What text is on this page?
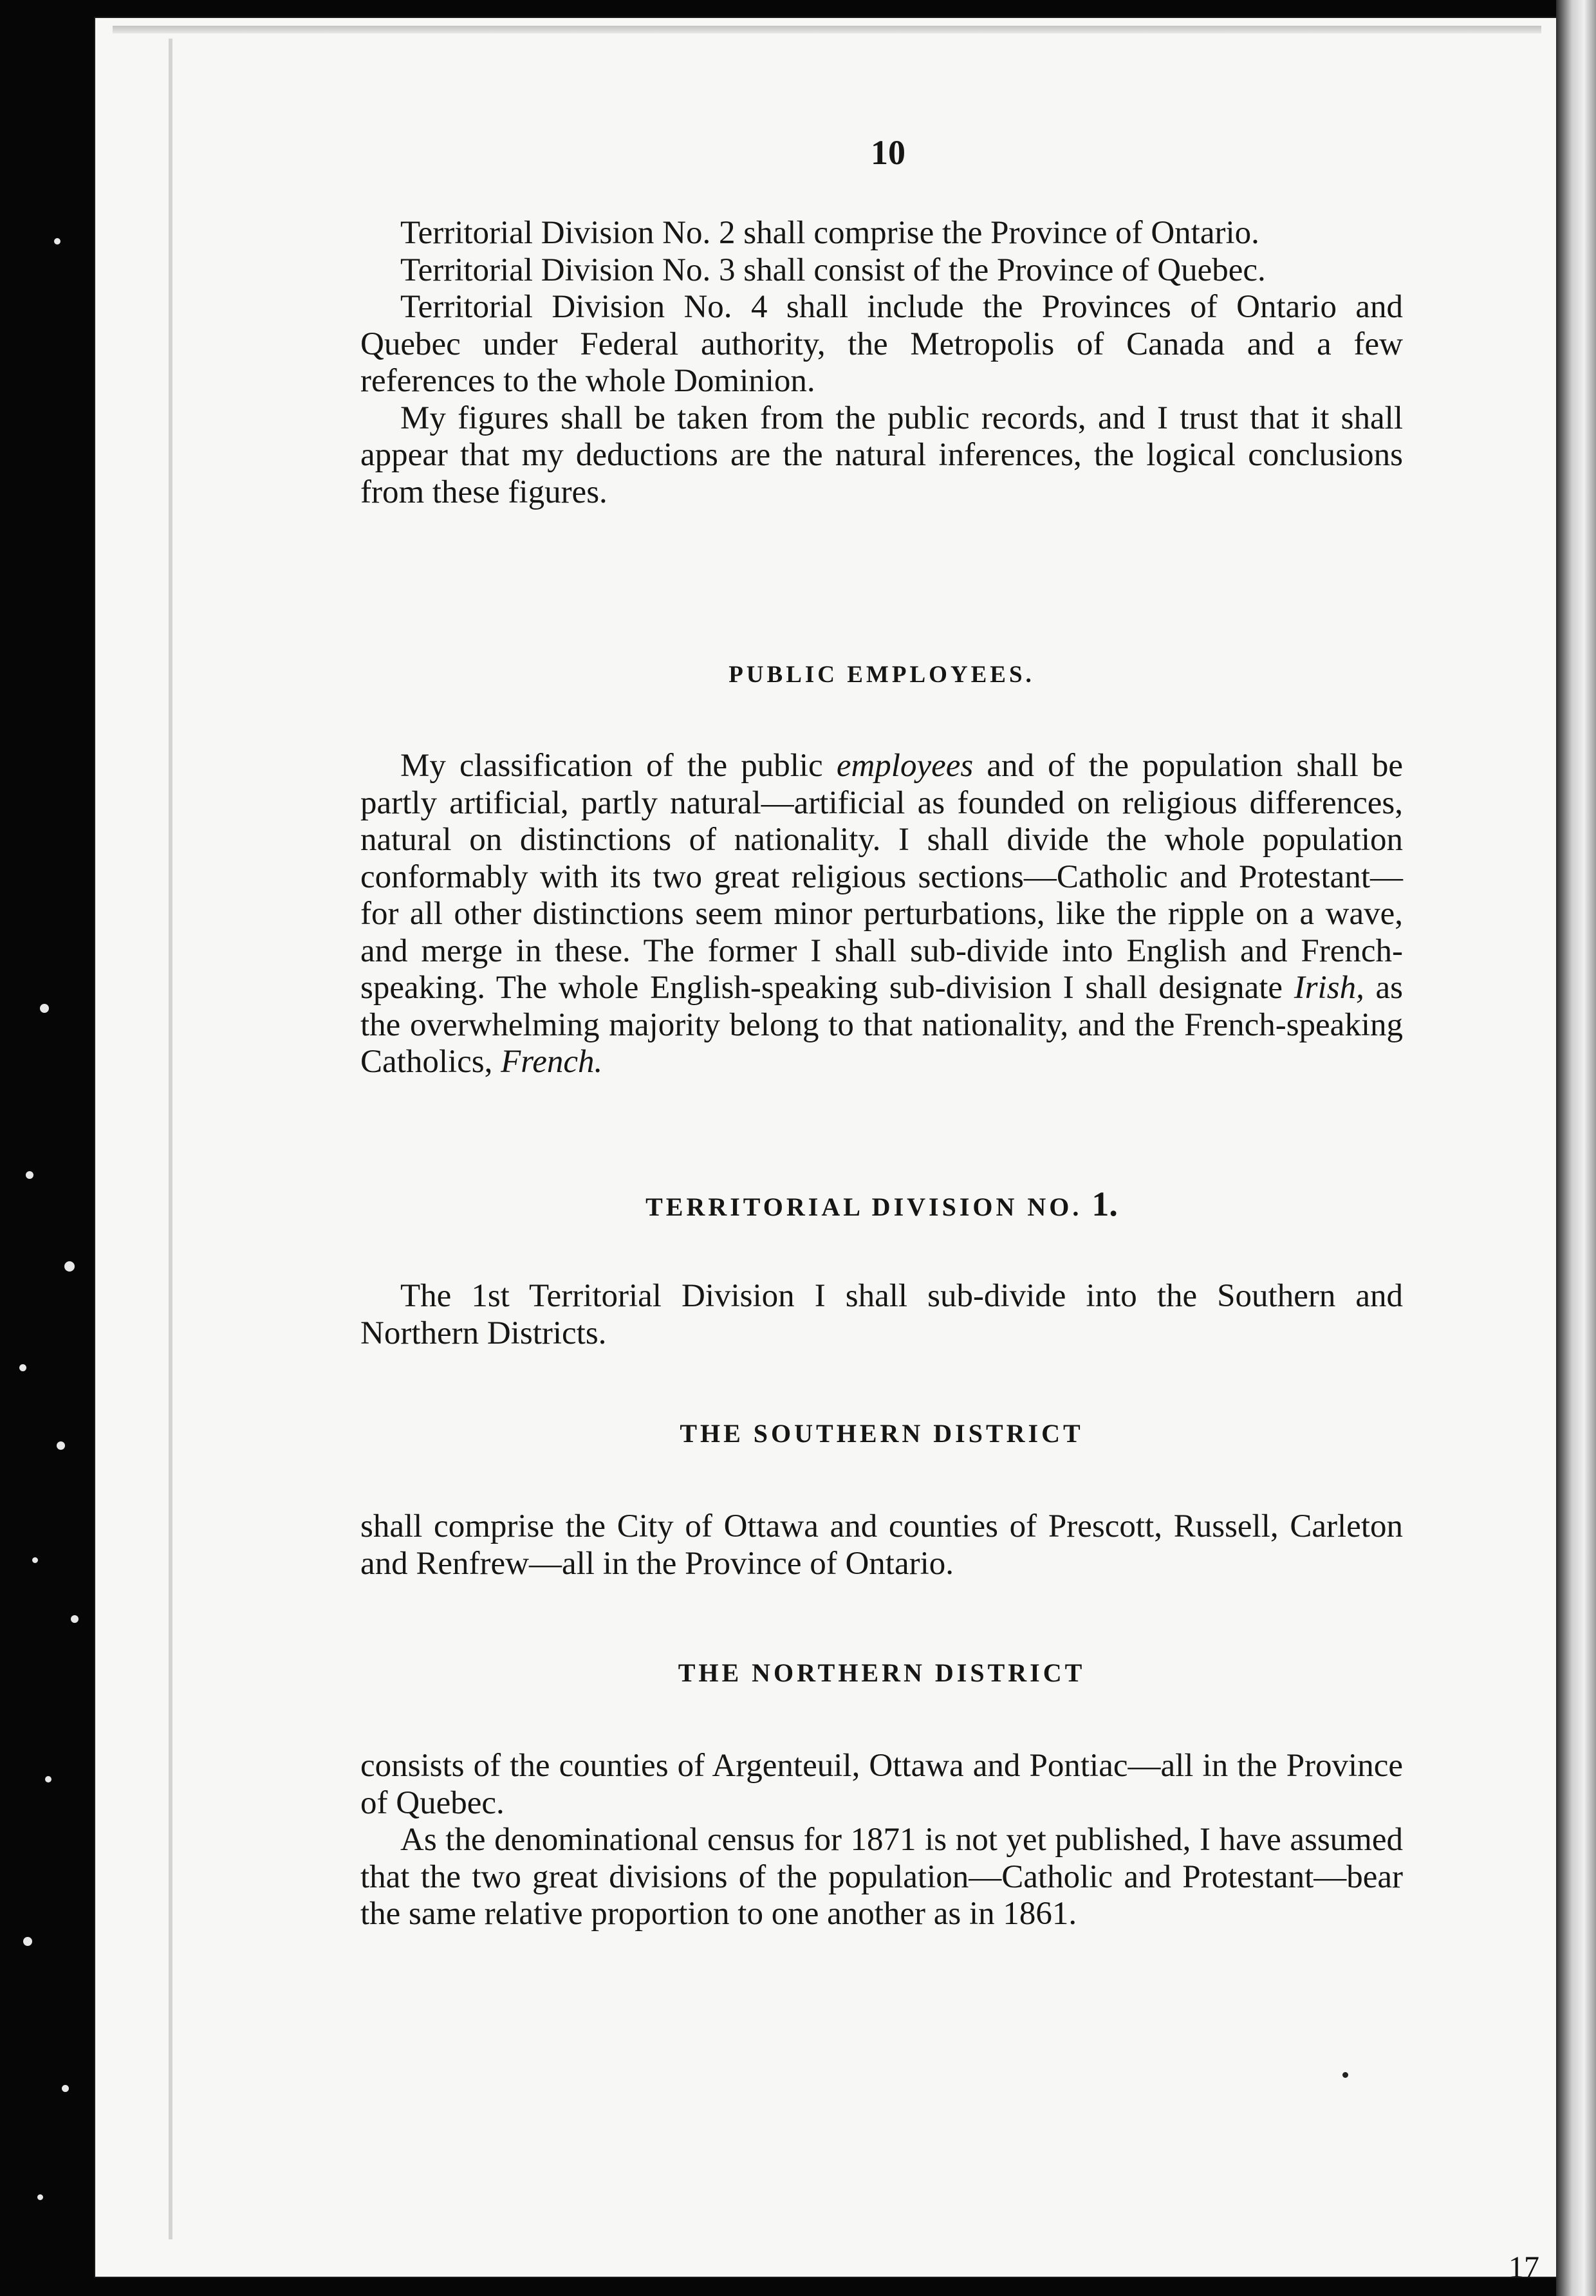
10

Territorial Division No. 2 shall comprise the Province of Ontario.

Territorial Division No. 3 shall consist of the Province of Quebec.

Territorial Division No. 4 shall include the Provinces of Ontario and Quebec under Federal authority, the Metropolis of Canada and a few references to the whole Dominion.

My figures shall be taken from the public records, and I trust that it shall appear that my deductions are the natural inferences, the logical conclusions from these figures.

PUBLIC EMPLOYEES.

My classification of the public employees and of the population shall be partly artificial, partly natural—artificial as founded on religious differences, natural on distinctions of nationality. I shall divide the whole population conformably with its two great religious sections—Catholic and Protestant—for all other distinctions seem minor perturbations, like the ripple on a wave, and merge in these. The former I shall sub-divide into English and French-speaking. The whole English-speaking sub-division I shall designate Irish, as the overwhelming majority belong to that nationality, and the French-speaking Catholics, French.

TERRITORIAL DIVISION NO. 1.

The 1st Territorial Division I shall sub-divide into the Southern and Northern Districts.

THE SOUTHERN DISTRICT

shall comprise the City of Ottawa and counties of Prescott, Russell, Carleton and Renfrew—all in the Province of Ontario.

THE NORTHERN DISTRICT

consists of the counties of Argenteuil, Ottawa and Pontiac—all in the Province of Quebec.

As the denominational census for 1871 is not yet published, I have assumed that the two great divisions of the population—Catholic and Protestant—bear the same relative proportion to one another as in 1861.

17
